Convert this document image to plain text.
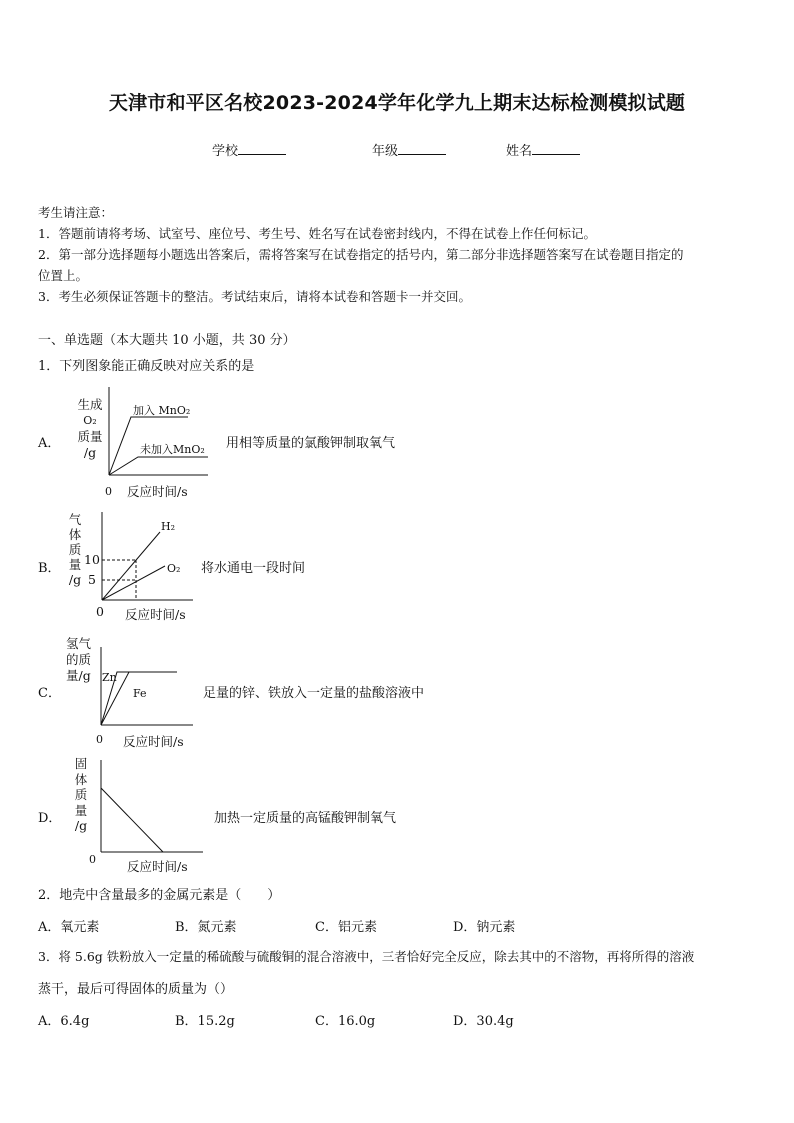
天津市和平区名校2023-2024学年化学九上期末达标检测模拟试题
学校	年级	姓名
考生请注意：
1．答题前请将考场、试室号、座位号、考生号、姓名写在试卷密封线内，不得在试卷上作任何标记。
2．第一部分选择题每小题选出答案后，需将答案写在试卷指定的括号内，第二部分非选择题答案写在试卷题目指定的
位置上。
3．考生必须保证答题卡的整洁。考试结束后，请将本试卷和答题卡一并交回。
一、单选题（本大题共 10 小题，共 30 分）
1．下列图象能正确反映对应关系的是
A．
生成
O₂
质量
/g
加入 MnO₂
未加入MnO₂
0 反应时间/s
用相等质量的氯酸钾制取氧气
B．
气
体
质
量
/g
10
5
H₂
O₂
0 反应时间/s
将水通电一段时间
C．
氢气
的质
量/g Zn
Fe
0 反应时间/s
足量的锌、铁放入一定量的盐酸溶液中
D．
固
体
质
量
/g
0 反应时间/s
加热一定质量的高锰酸钾制氧气
2．地壳中含量最多的金属元素是（　　）
A．氧元素	B．氮元素	C．铝元素	D．钠元素
3．将 5.6g 铁粉放入一定量的稀硫酸与硫酸铜的混合溶液中，三者恰好完全反应，除去其中的不溶物，再将所得的溶液
蒸干，最后可得固体的质量为（）
A．6.4g	B．15.2g	C．16.0g	D．30.4g
